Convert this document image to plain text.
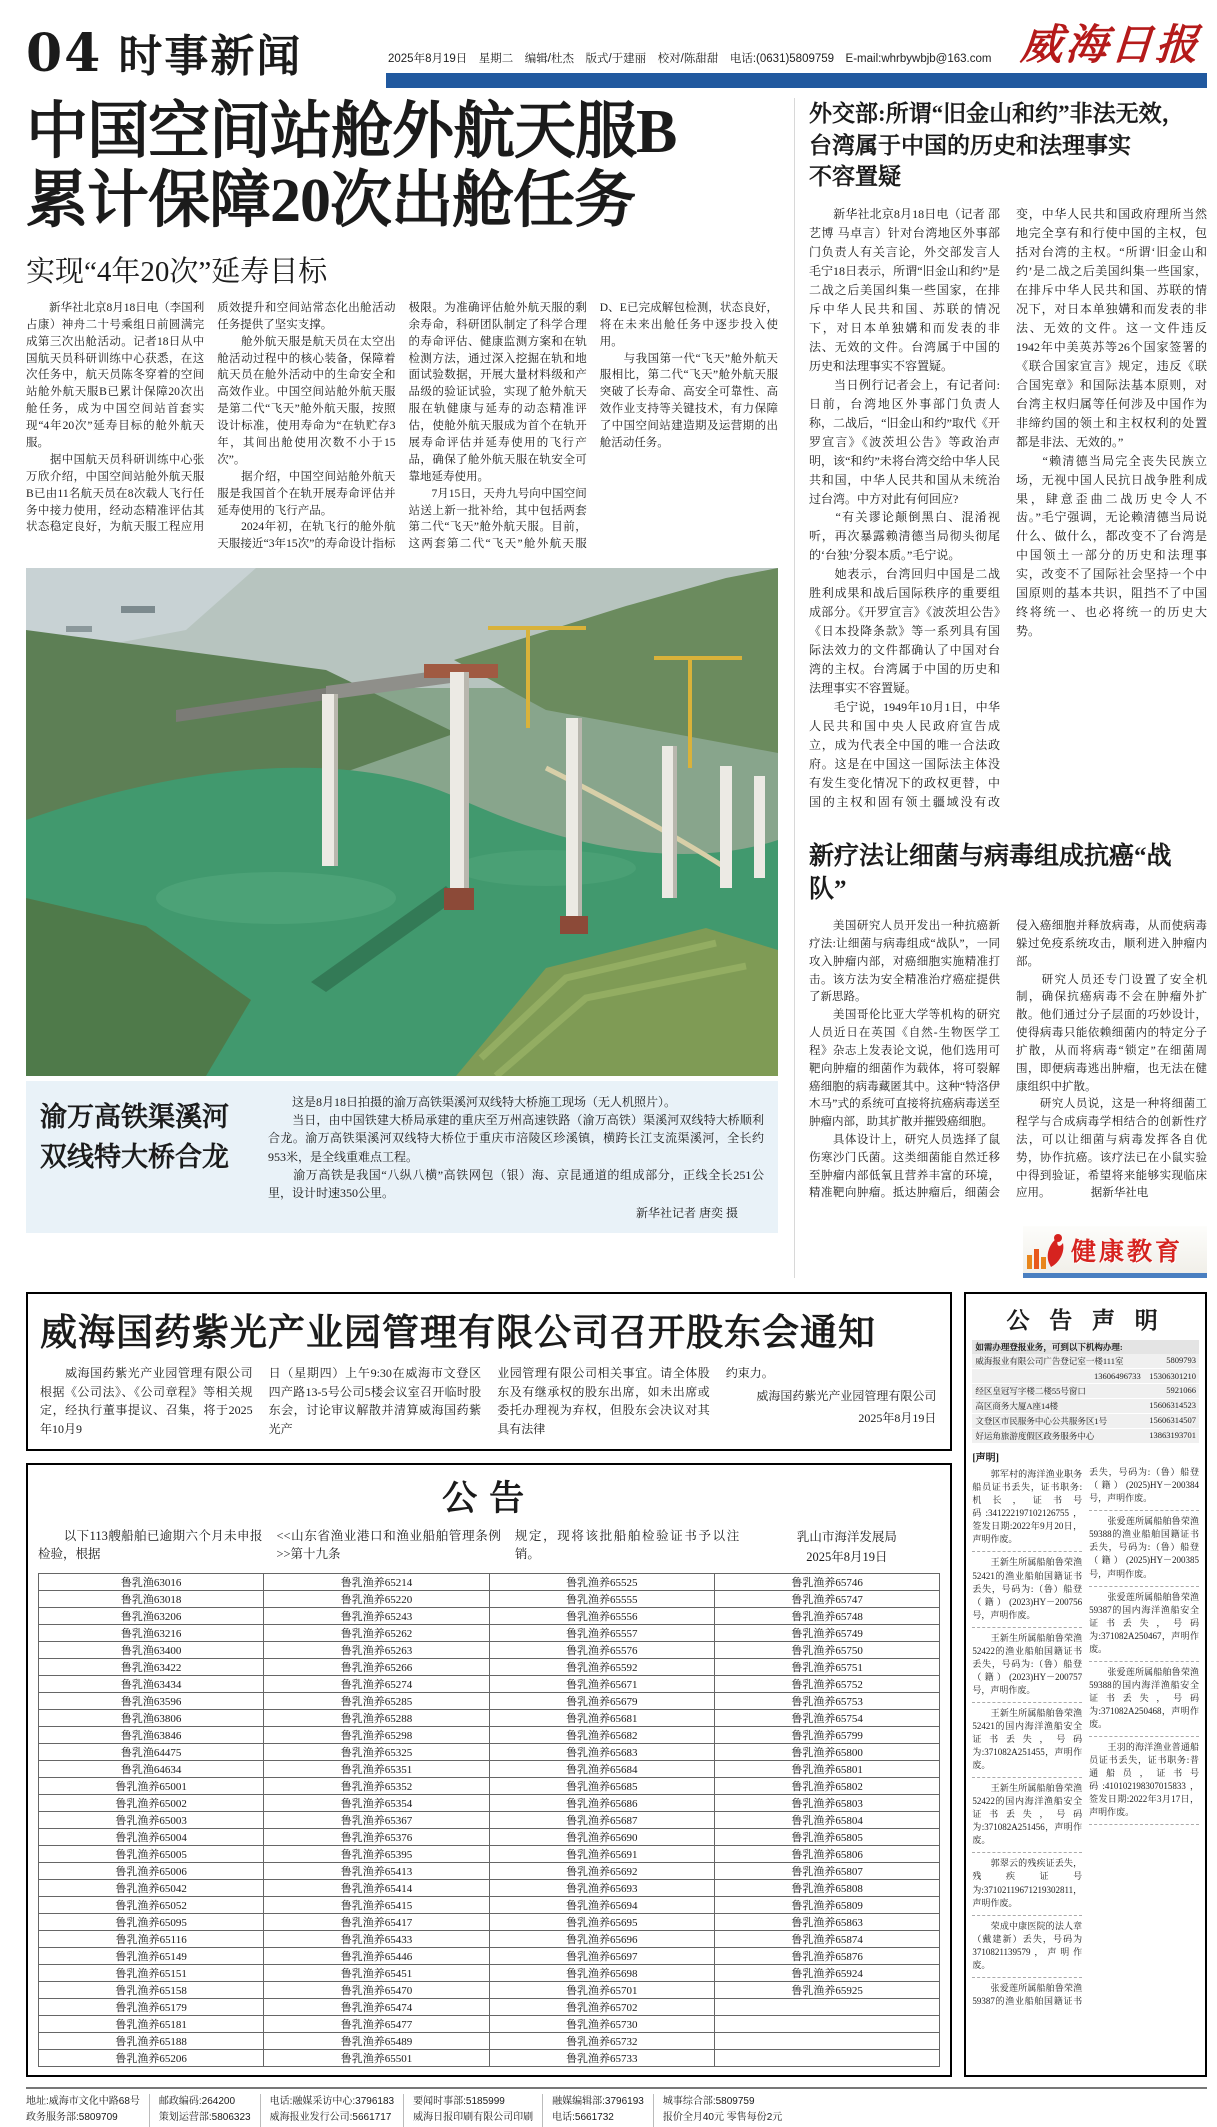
04 时事新闻	2025年8月19日　星期二　编辑/杜杰　版式/于建丽　校对/陈甜甜　电话:(0631)5809759　E-mail:whrbywbjb@163.com 威海日报
中国空间站舱外航天服B
累计保障20次出舱任务
实现“4年20次”延寿目标

　　新华社北京8月18日电（李国利 占康）神舟二十号乘组日前圆满完成第三次出舱活动。记者18日从中国航天员科研训练中心获悉，在这次任务中，航天员陈冬穿着的空间站舱外航天服B已累计保障20次出舱任务，成为中国空间站首套实现“4年20次”延寿目标的舱外航天服。

　　据中国航天员科研训练中心张万欣介绍，中国空间站舱外航天服B已由11名航天员在8次载人飞行任务中接力使用，经动态精准评估其状态稳定良好，为航天服工程应用质效提升和空间站常态化出舱活动任务提供了坚实支撑。

　　舱外航天服是航天员在太空出舱活动过程中的核心装备，保障着航天员在舱外活动中的生命安全和高效作业。中国空间站舱外航天服是第二代“飞天”舱外航天服，按照设计标准，使用寿命为“在轨贮存3年，其间出舱使用次数不小于15次”。

　　据介绍，中国空间站舱外航天服是我国首个在轨开展寿命评估并延寿使用的飞行产品。

　　2024年初，在轨飞行的舱外航天服接近“3年15次”的寿命设计指标极限。为准确评估舱外航天服的剩余寿命，科研团队制定了科学合理的寿命评估、健康监测方案和在轨检测方法，通过深入挖掘在轨和地面试验数据，开展大量材料级和产品级的验证试验，实现了舱外航天服在轨健康与延寿的动态精准评估，使舱外航天服成为首个在轨开展寿命评估并延寿使用的飞行产品，确保了舱外航天服在轨安全可靠地延寿使用。

　　7月15日，天舟九号向中国空间站送上新一批补给，其中包括两套第二代“飞天”舱外航天服。目前，这两套第二代“飞天”舱外航天服D、E已完成解包检测，状态良好，将在未来出舱任务中逐步投入使用。

　　与我国第一代“飞天”舱外航天服相比，第二代“飞天”舱外航天服突破了长寿命、高安全可靠性、高效作业支持等关键技术，有力保障了中国空间站建造期及运营期的出舱活动任务。

渝万高铁渠溪河
双线特大桥合龙

　　这是8月18日拍摄的渝万高铁渠溪河双线特大桥施工现场（无人机照片）。

　　当日，由中国铁建大桥局承建的重庆至万州高速铁路（渝万高铁）渠溪河双线特大桥顺利合龙。渝万高铁渠溪河双线特大桥位于重庆市涪陵区珍溪镇，横跨长江支流渠溪河，全长约953米，是全线重难点工程。

　　渝万高铁是我国“八纵八横”高铁网包（银）海、京昆通道的组成部分，正线全长251公里，设计时速350公里。

新华社记者 唐奕 摄
外交部:所谓“旧金山和约”非法无效，
台湾属于中国的历史和法理事实
不容置疑

　　新华社北京8月18日电（记者 邵艺博 马卓言）针对台湾地区外事部门负责人有关言论，外交部发言人毛宁18日表示，所谓“旧金山和约”是二战之后美国纠集一些国家，在排斥中华人民共和国、苏联的情况下，对日本单独媾和而发表的非法、无效的文件。台湾属于中国的历史和法理事实不容置疑。

　　当日例行记者会上，有记者问:日前，台湾地区外事部门负责人称，二战后，“旧金山和约”取代《开罗宣言》《波茨坦公告》等政治声明，该“和约”未将台湾交给中华人民共和国，中华人民共和国从未统治过台湾。中方对此有何回应?

　　“有关谬论颠倒黑白、混淆视听，再次暴露赖清德当局彻头彻尾的‘台独’分裂本质。”毛宁说。

　　她表示，台湾回归中国是二战胜利成果和战后国际秩序的重要组成部分。《开罗宣言》《波茨坦公告》《日本投降条款》等一系列具有国际法效力的文件都确认了中国对台湾的主权。台湾属于中国的历史和法理事实不容置疑。

　　毛宁说，1949年10月1日，中华人民共和国中央人民政府宣告成立，成为代表全中国的唯一合法政府。这是在中国这一国际法主体没有发生变化情况下的政权更替，中国的主权和固有领土疆域没有改变，中华人民共和国政府理所当然地完全享有和行使中国的主权，包括对台湾的主权。“所谓‘旧金山和约’是二战之后美国纠集一些国家，在排斥中华人民共和国、苏联的情况下，对日本单独媾和而发表的非法、无效的文件。这一文件违反1942年中美英苏等26个国家签署的《联合国家宣言》规定，违反《联合国宪章》和国际法基本原则，对台湾主权归属等任何涉及中国作为非缔约国的领土和主权权利的处置都是非法、无效的。”

　　“赖清德当局完全丧失民族立场，无视中国人民抗日战争胜利成果，肆意歪曲二战历史令人不齿。”毛宁强调，无论赖清德当局说什么、做什么，都改变不了台湾是中国领土一部分的历史和法理事实，改变不了国际社会坚持一个中国原则的基本共识，阻挡不了中国终将统一、也必将统一的历史大势。

新疗法让细菌与病毒组成抗癌“战队”

　　美国研究人员开发出一种抗癌新疗法:让细菌与病毒组成“战队”，一同攻入肿瘤内部，对癌细胞实施精准打击。该方法为安全精准治疗癌症提供了新思路。

　　美国哥伦比亚大学等机构的研究人员近日在英国《自然-生物医学工程》杂志上发表论文说，他们选用可靶向肿瘤的细菌作为载体，将可裂解癌细胞的病毒藏匿其中。这种“特洛伊木马”式的系统可直接将抗癌病毒送至肿瘤内部，助其扩散并摧毁癌细胞。

　　具体设计上，研究人员选择了鼠伤寒沙门氏菌。这类细菌能自然迁移至肿瘤内部低氧且营养丰富的环境，精准靶向肿瘤。抵达肿瘤后，细菌会侵入癌细胞并释放病毒，从而使病毒躲过免疫系统攻击，顺利进入肿瘤内部。

　　研究人员还专门设置了安全机制，确保抗癌病毒不会在肿瘤外扩散。他们通过分子层面的巧妙设计，使得病毒只能依赖细菌内的特定分子扩散，从而将病毒“锁定”在细菌周围，即便病毒逃出肿瘤，也无法在健康组织中扩散。

　　研究人员说，这是一种将细菌工程学与合成病毒学相结合的创新性疗法，可以让细菌与病毒发挥各自优势，协作抗癌。该疗法已在小鼠实验中得到验证，希望将来能够实现临床应用。　　　　据新华社电

健康教育
威海国药紫光产业园管理有限公司召开股东会通知
　　威海国药紫光产业园管理有限公司根据《公司法》、《公司章程》等相关规定，经执行董事提议、召集，将于2025年10月9
日（星期四）上午9:30在威海市文登区四产路13-5号公司5楼会议室召开临时股东会，讨论审议解散并清算威海国药紫光产
业园管理有限公司相关事宜。请全体股东及有继承权的股东出席，如未出席或委托办理视为弃权，但股东会决议对其具有法律
约束力。
威海国药紫光产业园管理有限公司
2025年8月19日
公告
　　以下113艘船舶已逾期六个月未申报检验，根据
<<山东省渔业港口和渔业船舶管理条例>>第十九条
规定，现将该批船舶检验证书予以注销。
乳山市海洋发展局
2025年8月19日
鲁乳渔63016	鲁乳渔养65214	鲁乳渔养65525	鲁乳渔养65746
鲁乳渔63018	鲁乳渔养65220	鲁乳渔养65555	鲁乳渔养65747
鲁乳渔63206	鲁乳渔养65243	鲁乳渔养65556	鲁乳渔养65748
鲁乳渔63216	鲁乳渔养65262	鲁乳渔养65557	鲁乳渔养65749
鲁乳渔63400	鲁乳渔养65263	鲁乳渔养65576	鲁乳渔养65750
鲁乳渔63422	鲁乳渔养65266	鲁乳渔养65592	鲁乳渔养65751
鲁乳渔63434	鲁乳渔养65274	鲁乳渔养65671	鲁乳渔养65752
鲁乳渔63596	鲁乳渔养65285	鲁乳渔养65679	鲁乳渔养65753
鲁乳渔63806	鲁乳渔养65288	鲁乳渔养65681	鲁乳渔养65754
鲁乳渔63846	鲁乳渔养65298	鲁乳渔养65682	鲁乳渔养65799
鲁乳渔64475	鲁乳渔养65325	鲁乳渔养65683	鲁乳渔养65800
鲁乳渔64634	鲁乳渔养65351	鲁乳渔养65684	鲁乳渔养65801
鲁乳渔养65001	鲁乳渔养65352	鲁乳渔养65685	鲁乳渔养65802
鲁乳渔养65002	鲁乳渔养65354	鲁乳渔养65686	鲁乳渔养65803
鲁乳渔养65003	鲁乳渔养65367	鲁乳渔养65687	鲁乳渔养65804
鲁乳渔养65004	鲁乳渔养65376	鲁乳渔养65690	鲁乳渔养65805
鲁乳渔养65005	鲁乳渔养65395	鲁乳渔养65691	鲁乳渔养65806
鲁乳渔养65006	鲁乳渔养65413	鲁乳渔养65692	鲁乳渔养65807
鲁乳渔养65042	鲁乳渔养65414	鲁乳渔养65693	鲁乳渔养65808
鲁乳渔养65052	鲁乳渔养65415	鲁乳渔养65694	鲁乳渔养65809
鲁乳渔养65095	鲁乳渔养65417	鲁乳渔养65695	鲁乳渔养65863
鲁乳渔养65116	鲁乳渔养65433	鲁乳渔养65696	鲁乳渔养65874
鲁乳渔养65149	鲁乳渔养65446	鲁乳渔养65697	鲁乳渔养65876
鲁乳渔养65151	鲁乳渔养65451	鲁乳渔养65698	鲁乳渔养65924
鲁乳渔养65158	鲁乳渔养65470	鲁乳渔养65701	鲁乳渔养65925
鲁乳渔养65179	鲁乳渔养65474	鲁乳渔养65702	
鲁乳渔养65181	鲁乳渔养65477	鲁乳渔养65730	
鲁乳渔养65188	鲁乳渔养65489	鲁乳渔养65732	
鲁乳渔养65206	鲁乳渔养65501	鲁乳渔养65733	
公 告 声 明
如需办理登报业务，可到以下机构办理:
威海报业有限公司广告登记室一楼111室	5809793
13606496733　15306301210
经区皇冠写字楼二楼55号窗口	5921066
高区商务大厦A座14楼	15606314523
文登区市民服务中心公共服务区1号	15606314507
好运角旅游度假区政务服务中心	13863193701
[声明]

　　郭军村的海洋渔业职务船员证书丢失，证书职务:机长，证书号码:341222197102126755，签发日期:2022年9月20日，声明作废。

　　王新生所属船舶鲁荣渔52421的渔业船舶国籍证书丢失，号码为:（鲁）船登（籍）(2023)HY－200756号，声明作废。

　　王新生所属船舶鲁荣渔52422的渔业船舶国籍证书丢失，号码为:（鲁）船登（籍）(2023)HY－200757号，声明作废。

　　王新生所属船舶鲁荣渔52421的国内海洋渔船安全证书丢失，号码为:371082A251455，声明作废。

　　王新生所属船舶鲁荣渔52422的国内海洋渔船安全证书丢失，号码为:371082A251456，声明作废。

　　郭翠云的残疾证丢失，残疾证号为:37102119671219302811，声明作废。

　　荣成中康医院的法人章（戴建新）丢失，号码为3710821139579，声明作废。

　　张爱莲所属船舶鲁荣渔59387的渔业船舶国籍证书丢失，号码为:（鲁）船登（籍）(2025)HY－200384号，声明作废。

　　张爱莲所属船舶鲁荣渔59388的渔业船舶国籍证书丢失，号码为:（鲁）船登（籍）(2025)HY－200385号，声明作废。

　　张爱莲所属船舶鲁荣渔59387的国内海洋渔船安全证书丢失，号码为:371082A250467，声明作废。

　　张爱莲所属船舶鲁荣渔59388的国内海洋渔船安全证书丢失，号码为:371082A250468，声明作废。

　　王羽的海洋渔业普通船员证书丢失，证书职务:普通船员，证书号码:410102198307015833，签发日期:2022年3月17日，声明作废。

地址:威海市文化中路68号
政务服务部:5809709
邮政编码:264200
策划运营部:5806323
电话:融媒采访中心:3796183
威海报业发行公司:5661717
要闻时事部:5185999
威海日报印刷有限公司印刷
融媒编辑部:3796193
电话:5661732
城事综合部:5809759
报价全月40元 零售每份2元
